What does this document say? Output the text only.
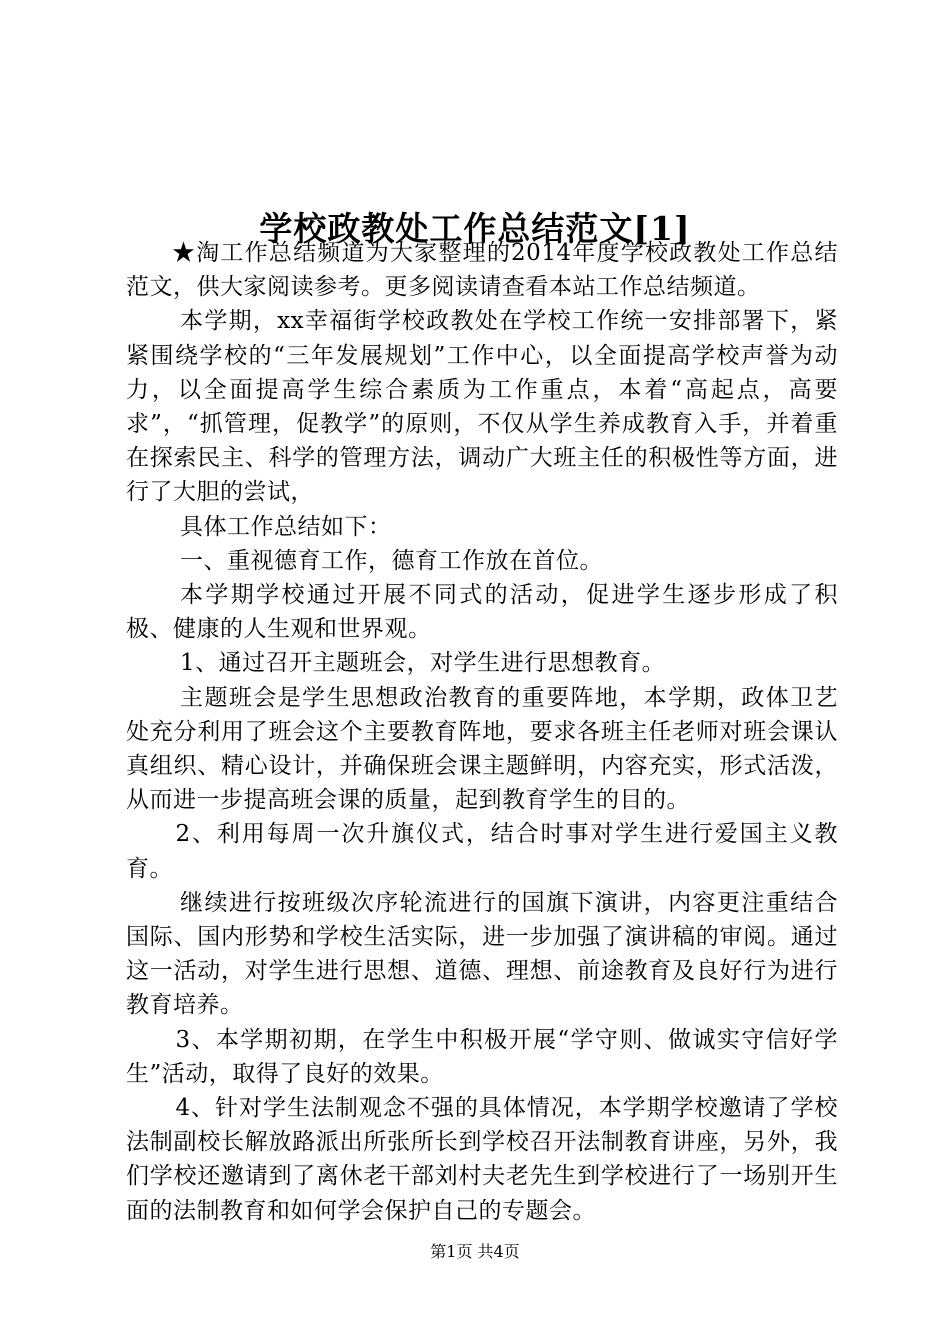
学校政教处工作总结范文[1]

★淘工作总结频道为大家整理的2014年度学校政教处工作总结范文，供大家阅读参考。更多阅读请查看本站工作总结频道。

本学期，xx幸福街学校政教处在学校工作统一安排部署下，紧紧围绕学校的“三年发展规划”工作中心，以全面提高学校声誉为动力，以全面提高学生综合素质为工作重点，本着“高起点，高要求”，“抓管理，促教学”的原则，不仅从学生养成教育入手，并着重在探索民主、科学的管理方法，调动广大班主任的积极性等方面，进行了大胆的尝试，

具体工作总结如下：

一、重视德育工作，德育工作放在首位。

本学期学校通过开展不同式的活动，促进学生逐步形成了积极、健康的人生观和世界观。

1、通过召开主题班会，对学生进行思想教育。

主题班会是学生思想政治教育的重要阵地，本学期，政体卫艺处充分利用了班会这个主要教育阵地，要求各班主任老师对班会课认真组织、精心设计，并确保班会课主题鲜明，内容充实，形式活泼，从而进一步提高班会课的质量，起到教育学生的目的。

2、利用每周一次升旗仪式，结合时事对学生进行爱国主义教育。

继续进行按班级次序轮流进行的国旗下演讲，内容更注重结合国际、国内形势和学校生活实际，进一步加强了演讲稿的审阅。通过这一活动，对学生进行思想、道德、理想、前途教育及良好行为进行教育培养。

3、本学期初期，在学生中积极开展“学守则、做诚实守信好学生”活动，取得了良好的效果。

4、针对学生法制观念不强的具体情况，本学期学校邀请了学校法制副校长解放路派出所张所长到学校召开法制教育讲座，另外，我们学校还邀请到了离休老干部刘村夫老先生到学校进行了一场别开生面的法制教育和如何学会保护自己的专题会。

第1页 共4页
